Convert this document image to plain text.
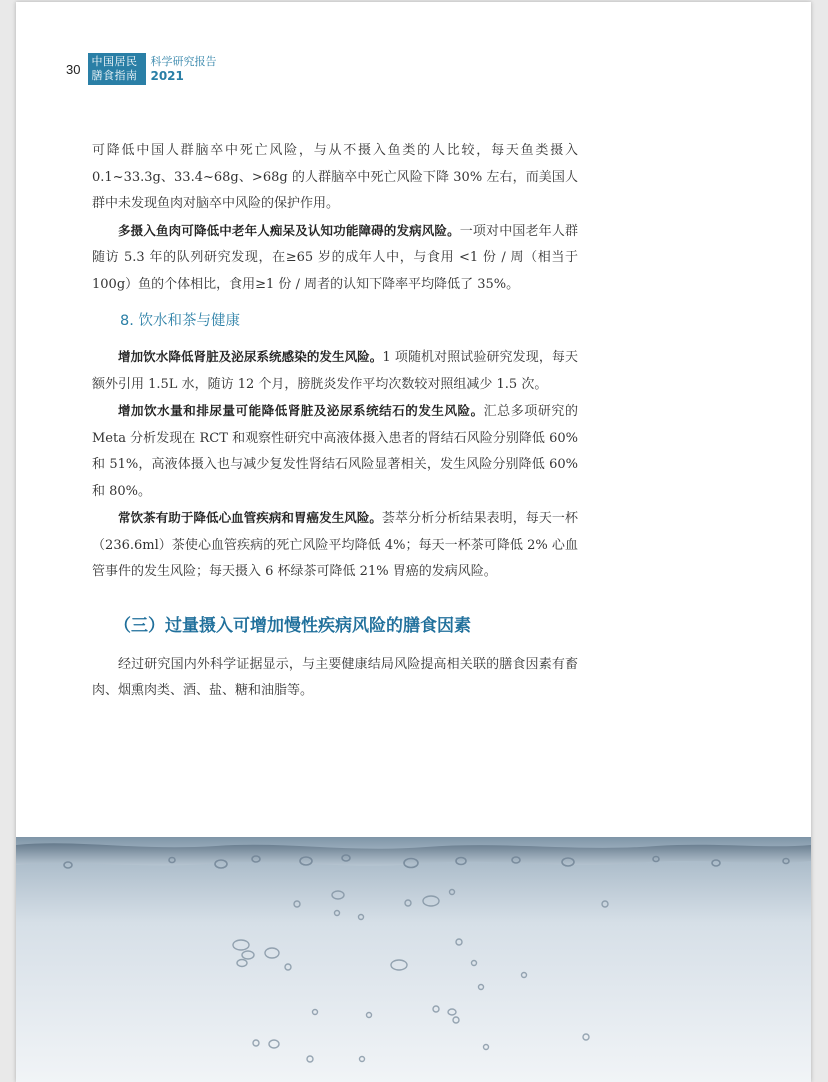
30 中国居民
膳食指南
科学研究报告
2021

可降低中国人群脑卒中死亡风险，与从不摄入鱼类的人比较，每天鱼类摄入0.1~33.3g、33.4~68g、>68g 的人群脑卒中死亡风险下降 30% 左右，而美国人群中未发现鱼肉对脑卒中风险的保护作用。

多摄入鱼肉可降低中老年人痴呆及认知功能障碍的发病风险。一项对中国老年人群随访 5.3 年的队列研究发现，在≥65 岁的成年人中，与食用 <1 份 / 周（相当于 100g）鱼的个体相比，食用≥1 份 / 周者的认知下降率平均降低了 35%。

8. 饮水和茶与健康

增加饮水降低肾脏及泌尿系统感染的发生风险。1 项随机对照试验研究发现，每天额外引用 1.5L 水，随访 12 个月，膀胱炎发作平均次数较对照组减少 1.5 次。

增加饮水量和排尿量可能降低肾脏及泌尿系统结石的发生风险。汇总多项研究的 Meta 分析发现在 RCT 和观察性研究中高液体摄入患者的肾结石风险分别降低 60% 和 51%，高液体摄入也与减少复发性肾结石风险显著相关，发生风险分别降低 60% 和 80%。

常饮茶有助于降低心血管疾病和胃癌发生风险。荟萃分析分析结果表明，每天一杯（236.6ml）茶使心血管疾病的死亡风险平均降低 4%；每天一杯茶可降低 2% 心血管事件的发生风险；每天摄入 6 杯绿茶可降低 21% 胃癌的发病风险。

（三）过量摄入可增加慢性疾病风险的膳食因素

经过研究国内外科学证据显示，与主要健康结局风险提高相关联的膳食因素有畜肉、烟熏肉类、酒、盐、糖和油脂等。
